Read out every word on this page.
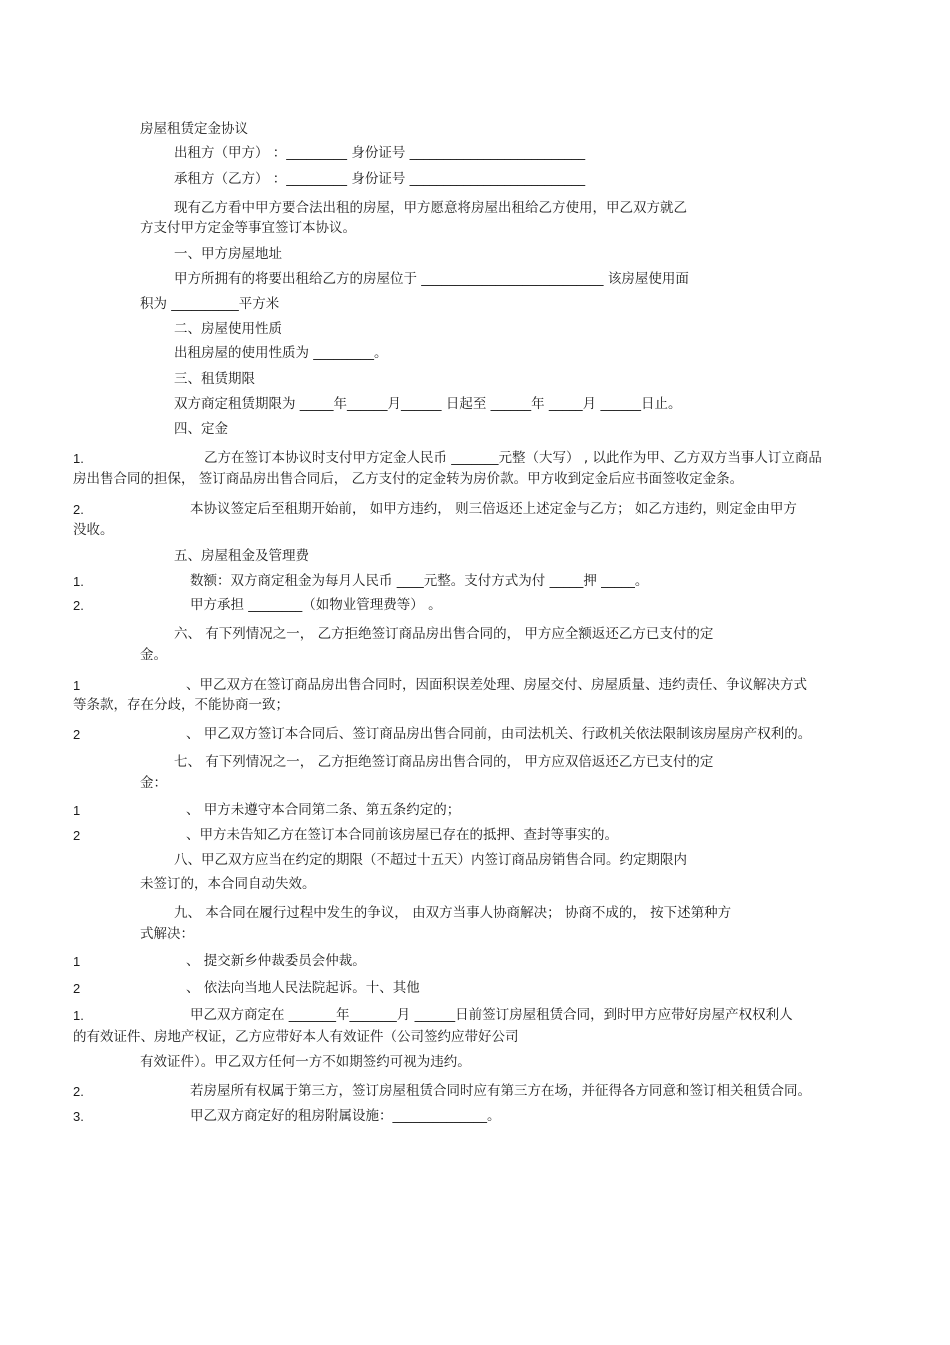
房屋租赁定金协议
出租方（甲方） ：_________ 身份证号 __________________________
承租方（乙方） ：_________ 身份证号 __________________________
现有乙方看中甲方要合法出租的房屋，甲方愿意将房屋出租给乙方使用，甲乙双方就乙
方支付甲方定金等事宜签订本协议。
一、甲方房屋地址
甲方所拥有的将要出租给乙方的房屋位于 ___________________________ 该房屋使用面
积为 __________平方米
二、房屋使用性质
出租房屋的使用性质为 _________。
三、租赁期限
双方商定租赁期限为 _____年______月______ 日起至 ______年 _____月 ______日止。
四、定金
1.	乙方在签订本协议时支付甲方定金人民币 _______元整（大写） , 以此作为甲、乙方双方当事人订立商品
房出售合同的担保， 签订商品房出售合同后， 乙方支付的定金转为房价款。甲方收到定金后应书面签收定金条。
2.	本协议签定后至租期开始前， 如甲方违约， 则三倍返还上述定金与乙方； 如乙方违约，则定金由甲方
没收。
五、房屋租金及管理费
1.	数额：双方商定租金为每月人民币 ____元整。支付方式为付 _____押 _____。
2.	甲方承担 ________（如物业管理费等） 。
六、 有下列情况之一， 乙方拒绝签订商品房出售合同的， 甲方应全额返还乙方已支付的定
金。
1	、甲乙双方在签订商品房出售合同时，因面积误差处理、房屋交付、房屋质量、违约责任、争议解决方式
等条款，存在分歧，不能协商一致；
2	、 甲乙双方签订本合同后、签订商品房出售合同前，由司法机关、行政机关依法限制该房屋房产权利的。
七、 有下列情况之一， 乙方拒绝签订商品房出售合同的， 甲方应双倍返还乙方已支付的定
金：
1	、 甲方未遵守本合同第二条、第五条约定的；
2	、甲方未告知乙方在签订本合同前该房屋已存在的抵押、查封等事实的。
八、甲乙双方应当在约定的期限（不超过十五天）内签订商品房销售合同。约定期限内
未签订的，本合同自动失效。
九、 本合同在履行过程中发生的争议， 由双方当事人协商解决； 协商不成的， 按下述第种方
式解决：
1	、 提交新乡仲裁委员会仲裁。
2	、 依法向当地人民法院起诉。十、其他
1.	甲乙双方商定在 _______年_______月 ______日前签订房屋租赁合同，到时甲方应带好房屋产权权利人
的有效证件、房地产权证，乙方应带好本人有效证件（公司签约应带好公司
有效证件）。甲乙双方任何一方不如期签约可视为违约。
2.	若房屋所有权属于第三方，签订房屋租赁合同时应有第三方在场，并征得各方同意和签订相关租赁合同。
3.	甲乙双方商定好的租房附属设施：______________。
